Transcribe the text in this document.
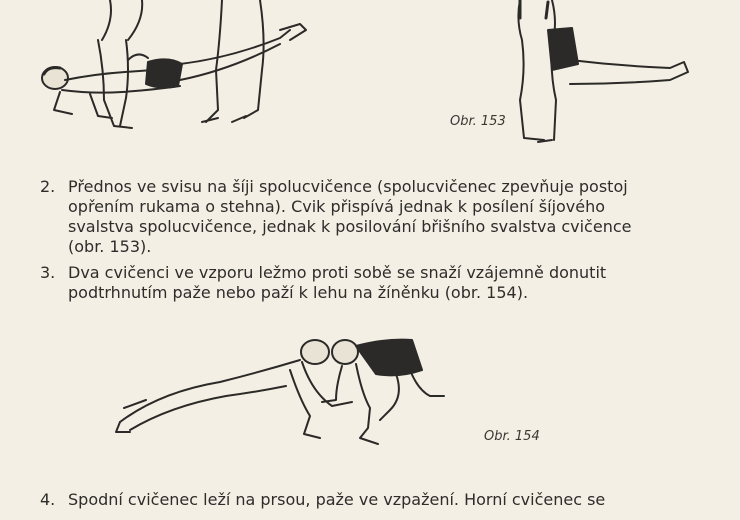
Obr. 153
2. Přednos ve svisu na šíji spolucvičence (spolucvičenec zpevňuje postoj
opřením rukama o stehna). Cvik přispívá jednak k posílení šíjového
svalstva spolucvičence, jednak k posilování břišního svalstva cvičence
(obr. 153).
3. Dva cvičenci ve vzporu ležmo proti sobě se snaží vzájemně donutit
podtrhnutím paže nebo paží k lehu na žíněnku (obr. 154).
Obr. 154
4. Spodní cvičenec leží na prsou, paže ve vzpažení. Horní cvičenec se
